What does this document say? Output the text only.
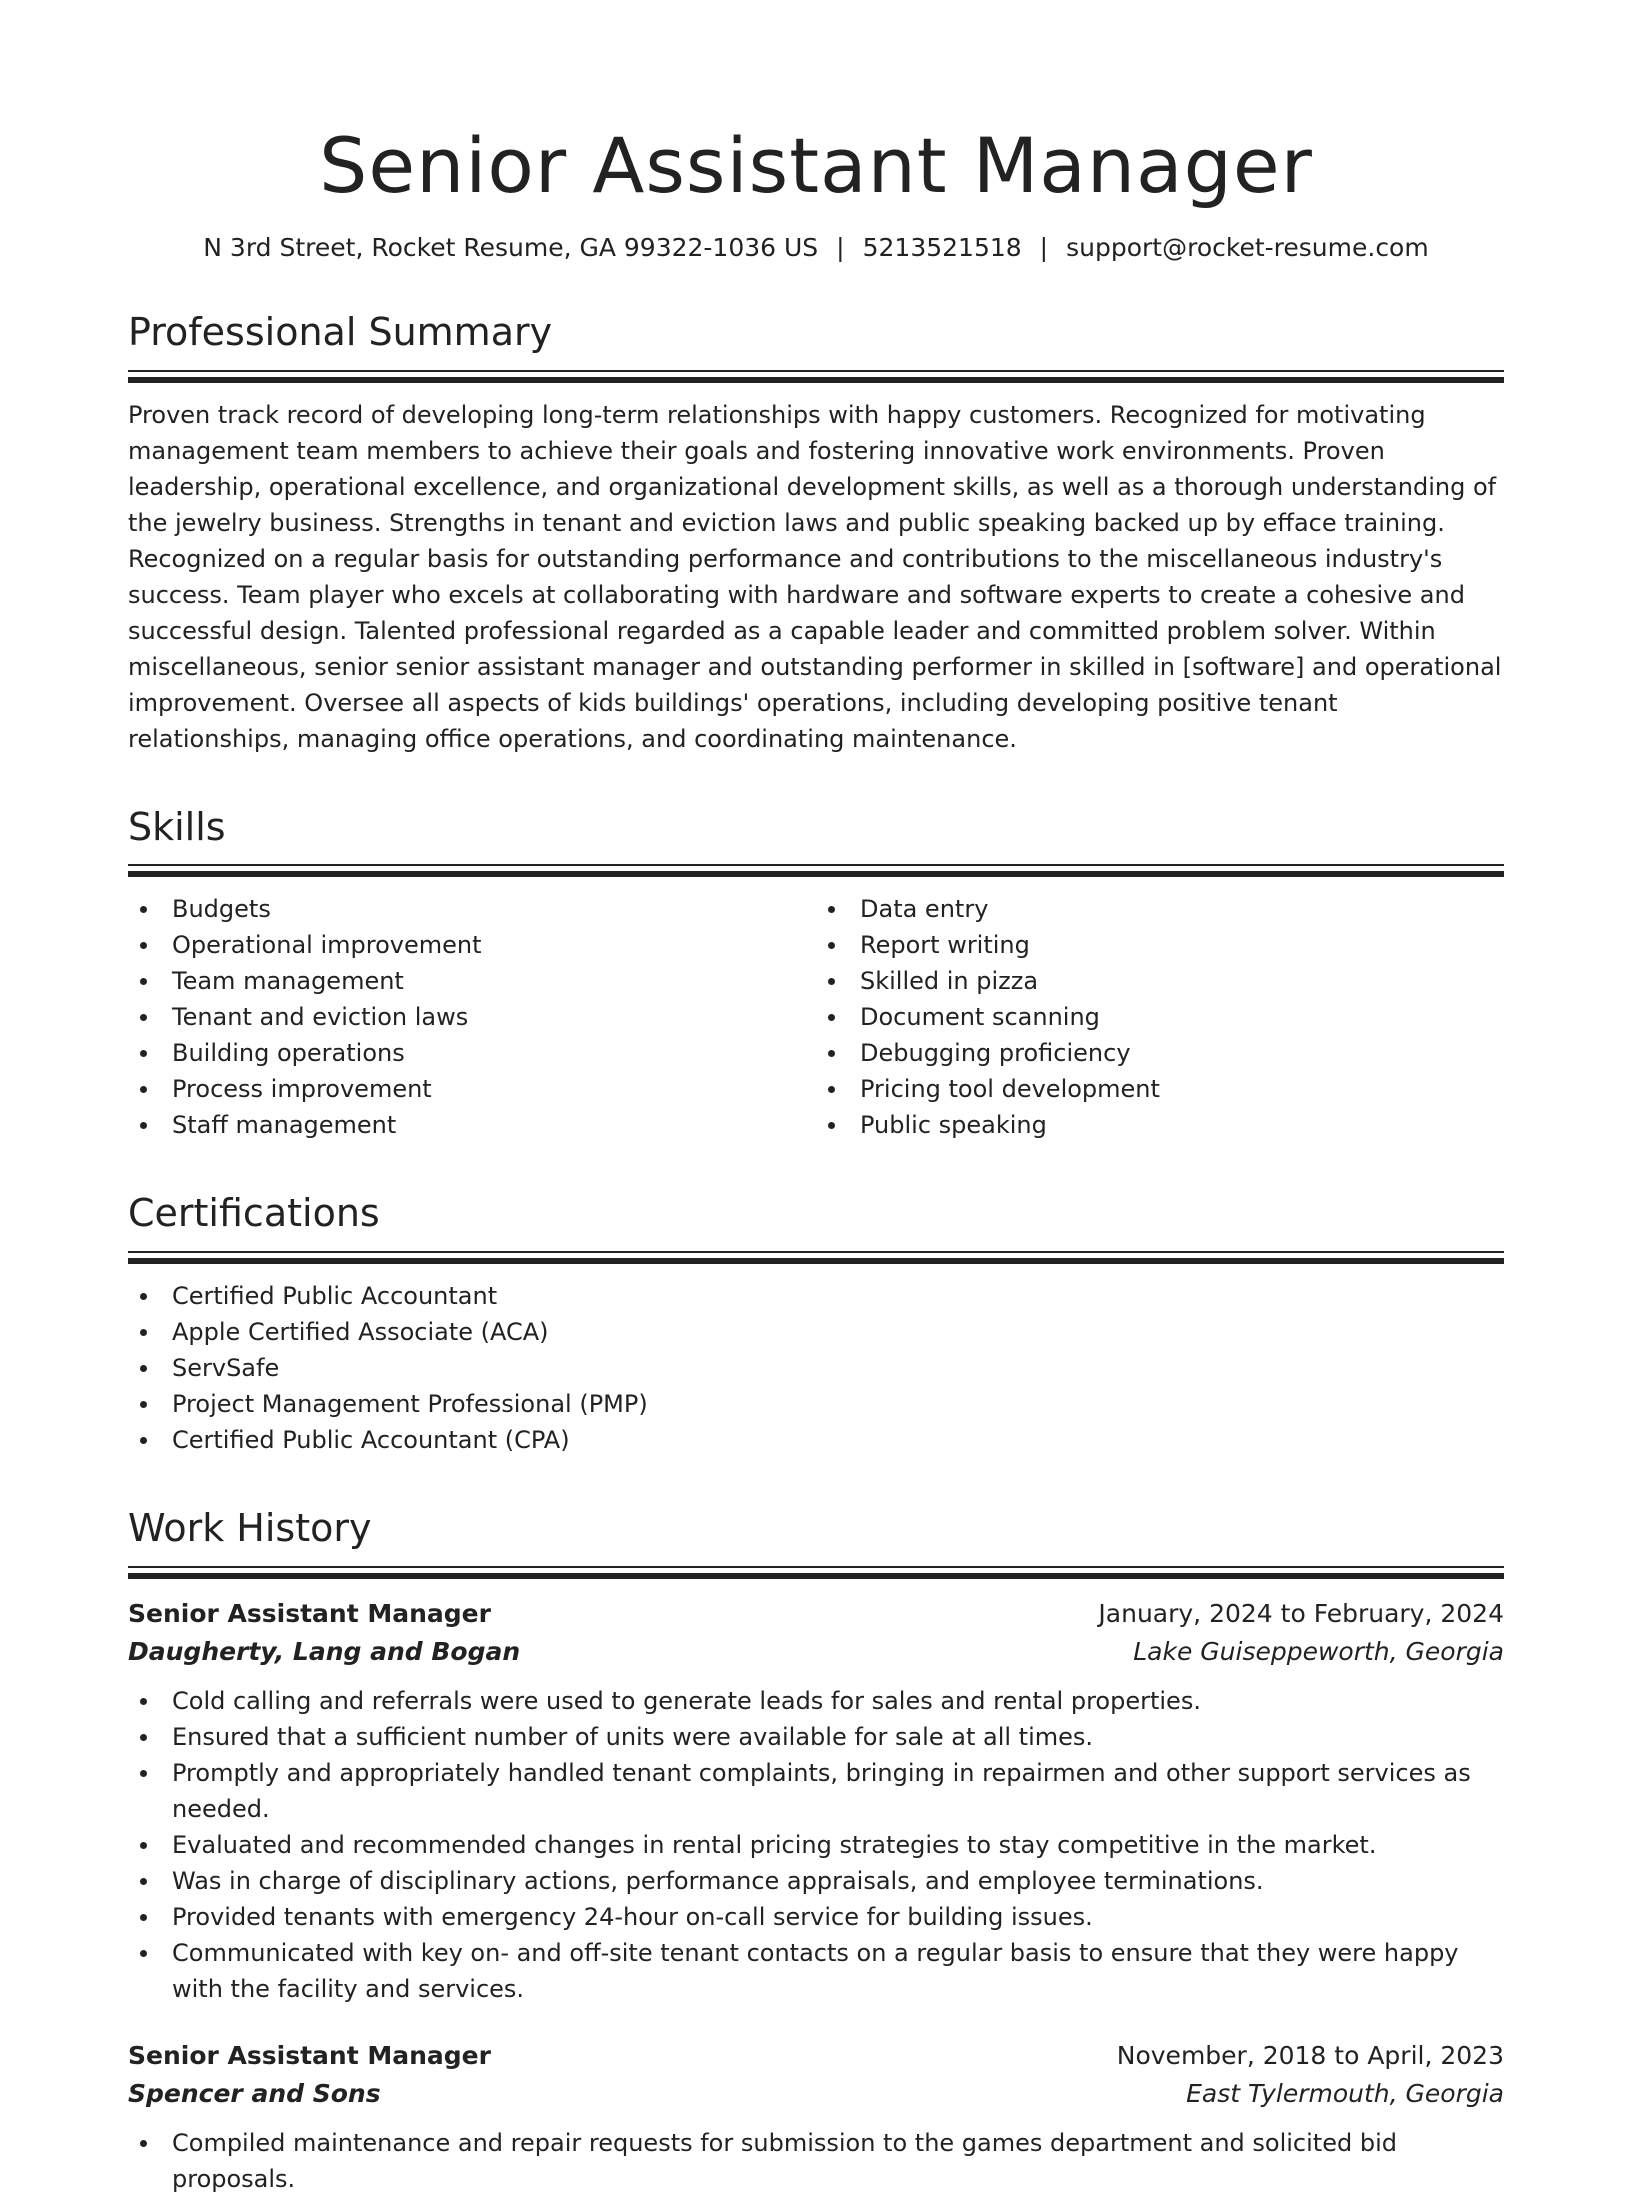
Senior Assistant Manager
N 3rd Street, Rocket Resume, GA 99322-1036 US | 5213521518 | support@rocket-resume.com
Professional Summary

Proven track record of developing long-term relationships with happy customers. Recognized for motivating management team members to achieve their goals and fostering innovative work environments. Proven leadership, operational excellence, and organizational development skills, as well as a thorough understanding of the jewelry business. Strengths in tenant and eviction laws and public speaking backed up by efface training. Recognized on a regular basis for outstanding performance and contributions to the miscellaneous industry's success. Team player who excels at collaborating with hardware and software experts to create a cohesive and successful design. Talented professional regarded as a capable leader and committed problem solver. Within miscellaneous, senior senior assistant manager and outstanding performer in skilled in [software] and operational improvement. Oversee all aspects of kids buildings' operations, including developing positive tenant relationships, managing office operations, and coordinating maintenance.

Skills
Budgets
Operational improvement
Team management
Tenant and eviction laws
Building operations
Process improvement
Staff management
Data entry
Report writing
Skilled in pizza
Document scanning
Debugging proficiency
Pricing tool development
Public speaking
Certifications
Certified Public Accountant
Apple Certified Associate (ACA)
ServSafe
Project Management Professional (PMP)
Certified Public Accountant (CPA)
Work History
Senior Assistant Manager	January, 2024 to February, 2024
Daugherty, Lang and Bogan	Lake Guiseppeworth, Georgia
Cold calling and referrals were used to generate leads for sales and rental properties.
Ensured that a sufficient number of units were available for sale at all times.
Promptly and appropriately handled tenant complaints, bringing in repairmen and other support services as needed.
Evaluated and recommended changes in rental pricing strategies to stay competitive in the market.
Was in charge of disciplinary actions, performance appraisals, and employee terminations.
Provided tenants with emergency 24-hour on-call service for building issues.
Communicated with key on- and off-site tenant contacts on a regular basis to ensure that they were happy with the facility and services.
Senior Assistant Manager	November, 2018 to April, 2023
Spencer and Sons	East Tylermouth, Georgia
Compiled maintenance and repair requests for submission to the games department and solicited bid proposals.
